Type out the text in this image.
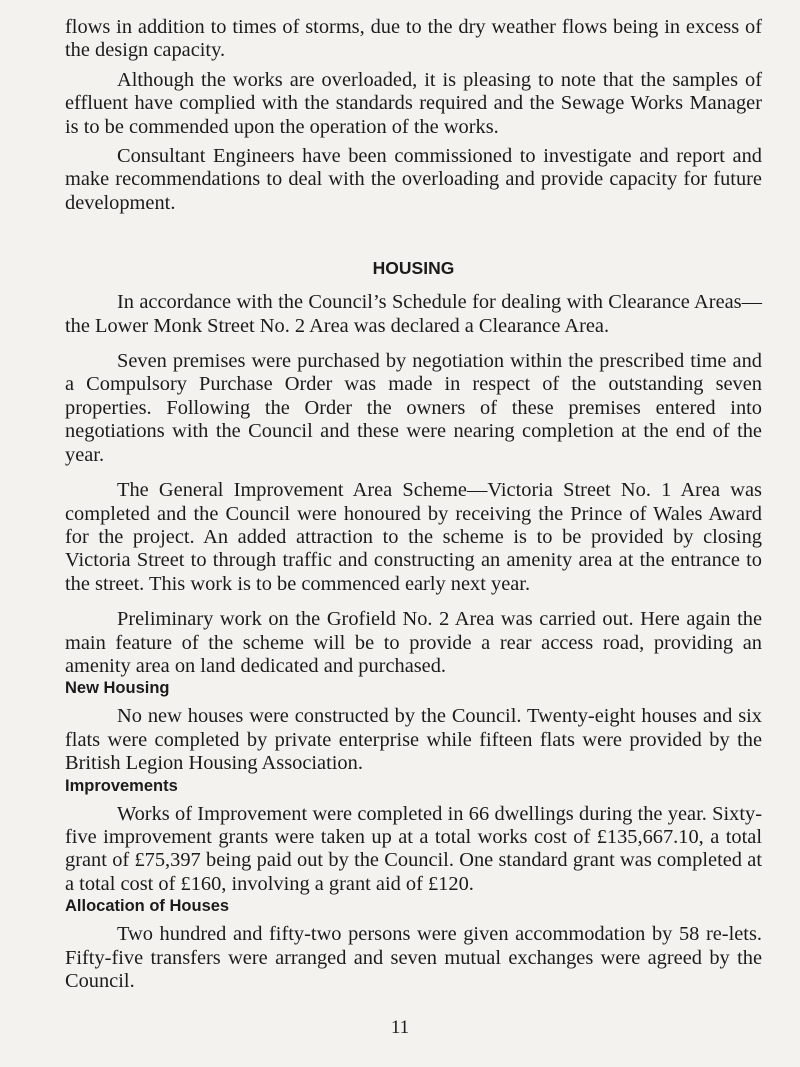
flows in addition to times of storms, due to the dry weather flows being in excess of the design capacity.

Although the works are overloaded, it is pleasing to note that the samples of effluent have complied with the standards required and the Sewage Works Manager is to be commended upon the operation of the works.

Consultant Engineers have been commissioned to investigate and report and make recommendations to deal with the overloading and provide capacity for future development.

HOUSING

In accordance with the Council’s Schedule for dealing with Clearance Areas—the Lower Monk Street No. 2 Area was declared a Clearance Area.

Seven premises were purchased by negotiation within the prescribed time and a Compulsory Purchase Order was made in respect of the outstanding seven properties. Following the Order the owners of these premises entered into negotiations with the Council and these were nearing completion at the end of the year.

The General Improvement Area Scheme—Victoria Street No. 1 Area was completed and the Council were honoured by receiving the Prince of Wales Award for the project. An added attraction to the scheme is to be provided by closing Victoria Street to through traffic and constructing an amenity area at the entrance to the street. This work is to be commenced early next year.

Preliminary work on the Grofield No. 2 Area was carried out. Here again the main feature of the scheme will be to provide a rear access road, providing an amenity area on land dedicated and purchased.

New Housing

No new houses were constructed by the Council. Twenty-eight houses and six flats were completed by private enterprise while fifteen flats were provided by the British Legion Housing Association.

Improvements

Works of Improvement were completed in 66 dwellings during the year. Sixty-five improvement grants were taken up at a total works cost of £135,667.10, a total grant of £75,397 being paid out by the Council. One standard grant was completed at a total cost of £160, involving a grant aid of £120.

Allocation of Houses

Two hundred and fifty-two persons were given accommodation by 58 re-lets. Fifty-five transfers were arranged and seven mutual exchanges were agreed by the Council.

11
